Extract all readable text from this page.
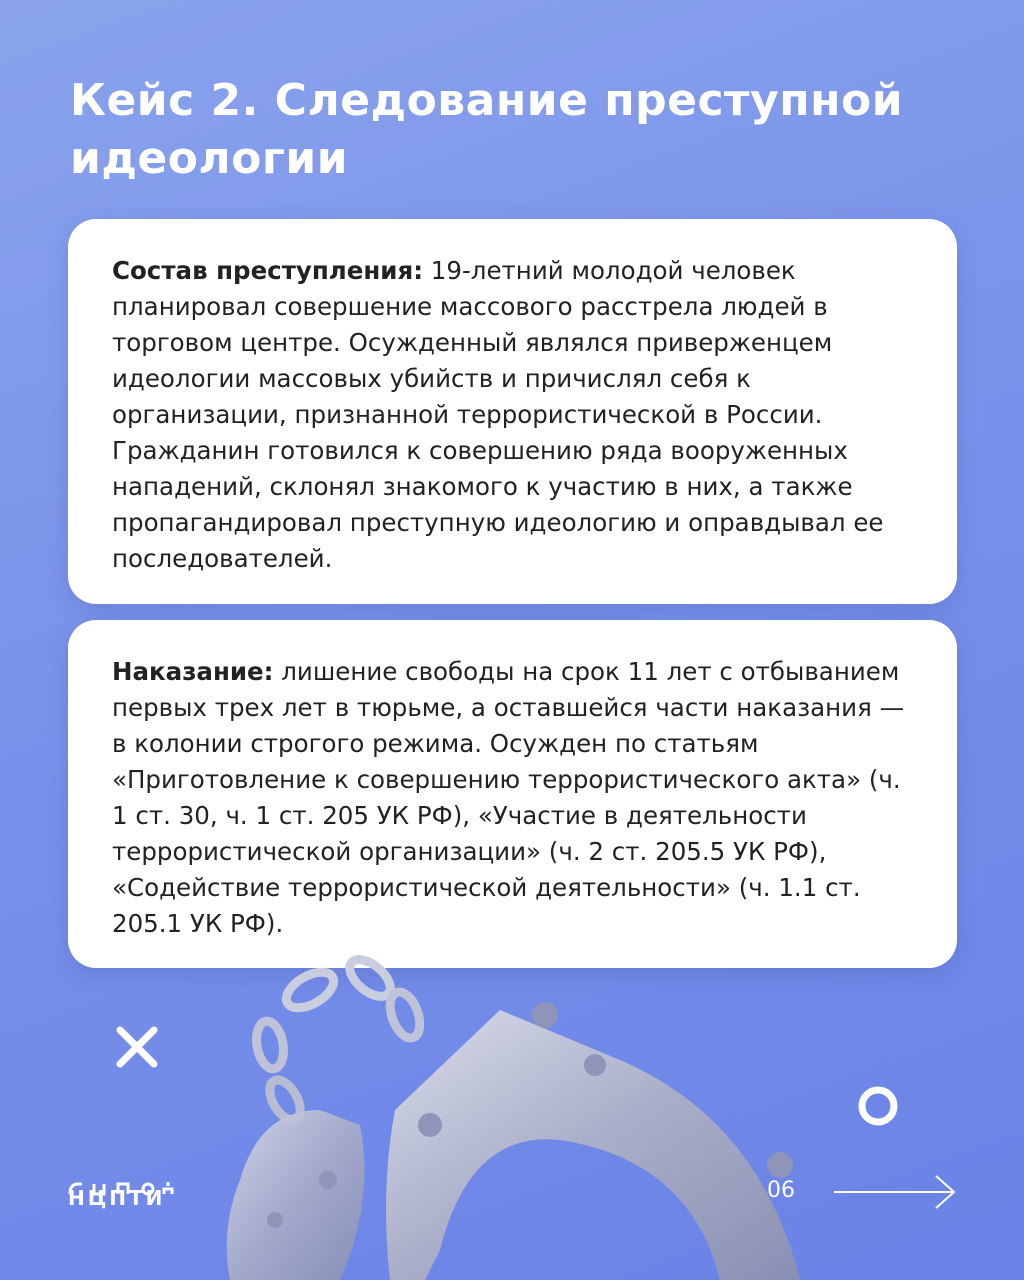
Кейс 2. Следование преступной идеологии

Состав преступления: 19-летний молодой человек планировал совершение массового расстрела людей в торговом центре. Осужденный являлся приверженцем идеологии массовых убийств и причислял себя к организации, признанной террористической в России. Гражданин готовился к совершению ряда вооруженных нападений, склонял знакомого к участию в них, а также пропагандировал преступную идеологию и оправдывал ее последователей.

Наказание: лишение свободы на срок 11 лет с отбыванием первых трех лет в тюрьме, а оставшейся части наказания — в колонии строгого режима. Осужден по статьям «Приготовление к совершению террористического акта» (ч. 1 ст. 30, ч. 1 ст. 205 УК РФ), «Участие в деятельности террористической организации» (ч. 2 ст. 205.5 УК РФ), «Содействие террористической деятельности» (ч. 1.1 ст. 205.1 УК РФ).

НЦПТИ	06
